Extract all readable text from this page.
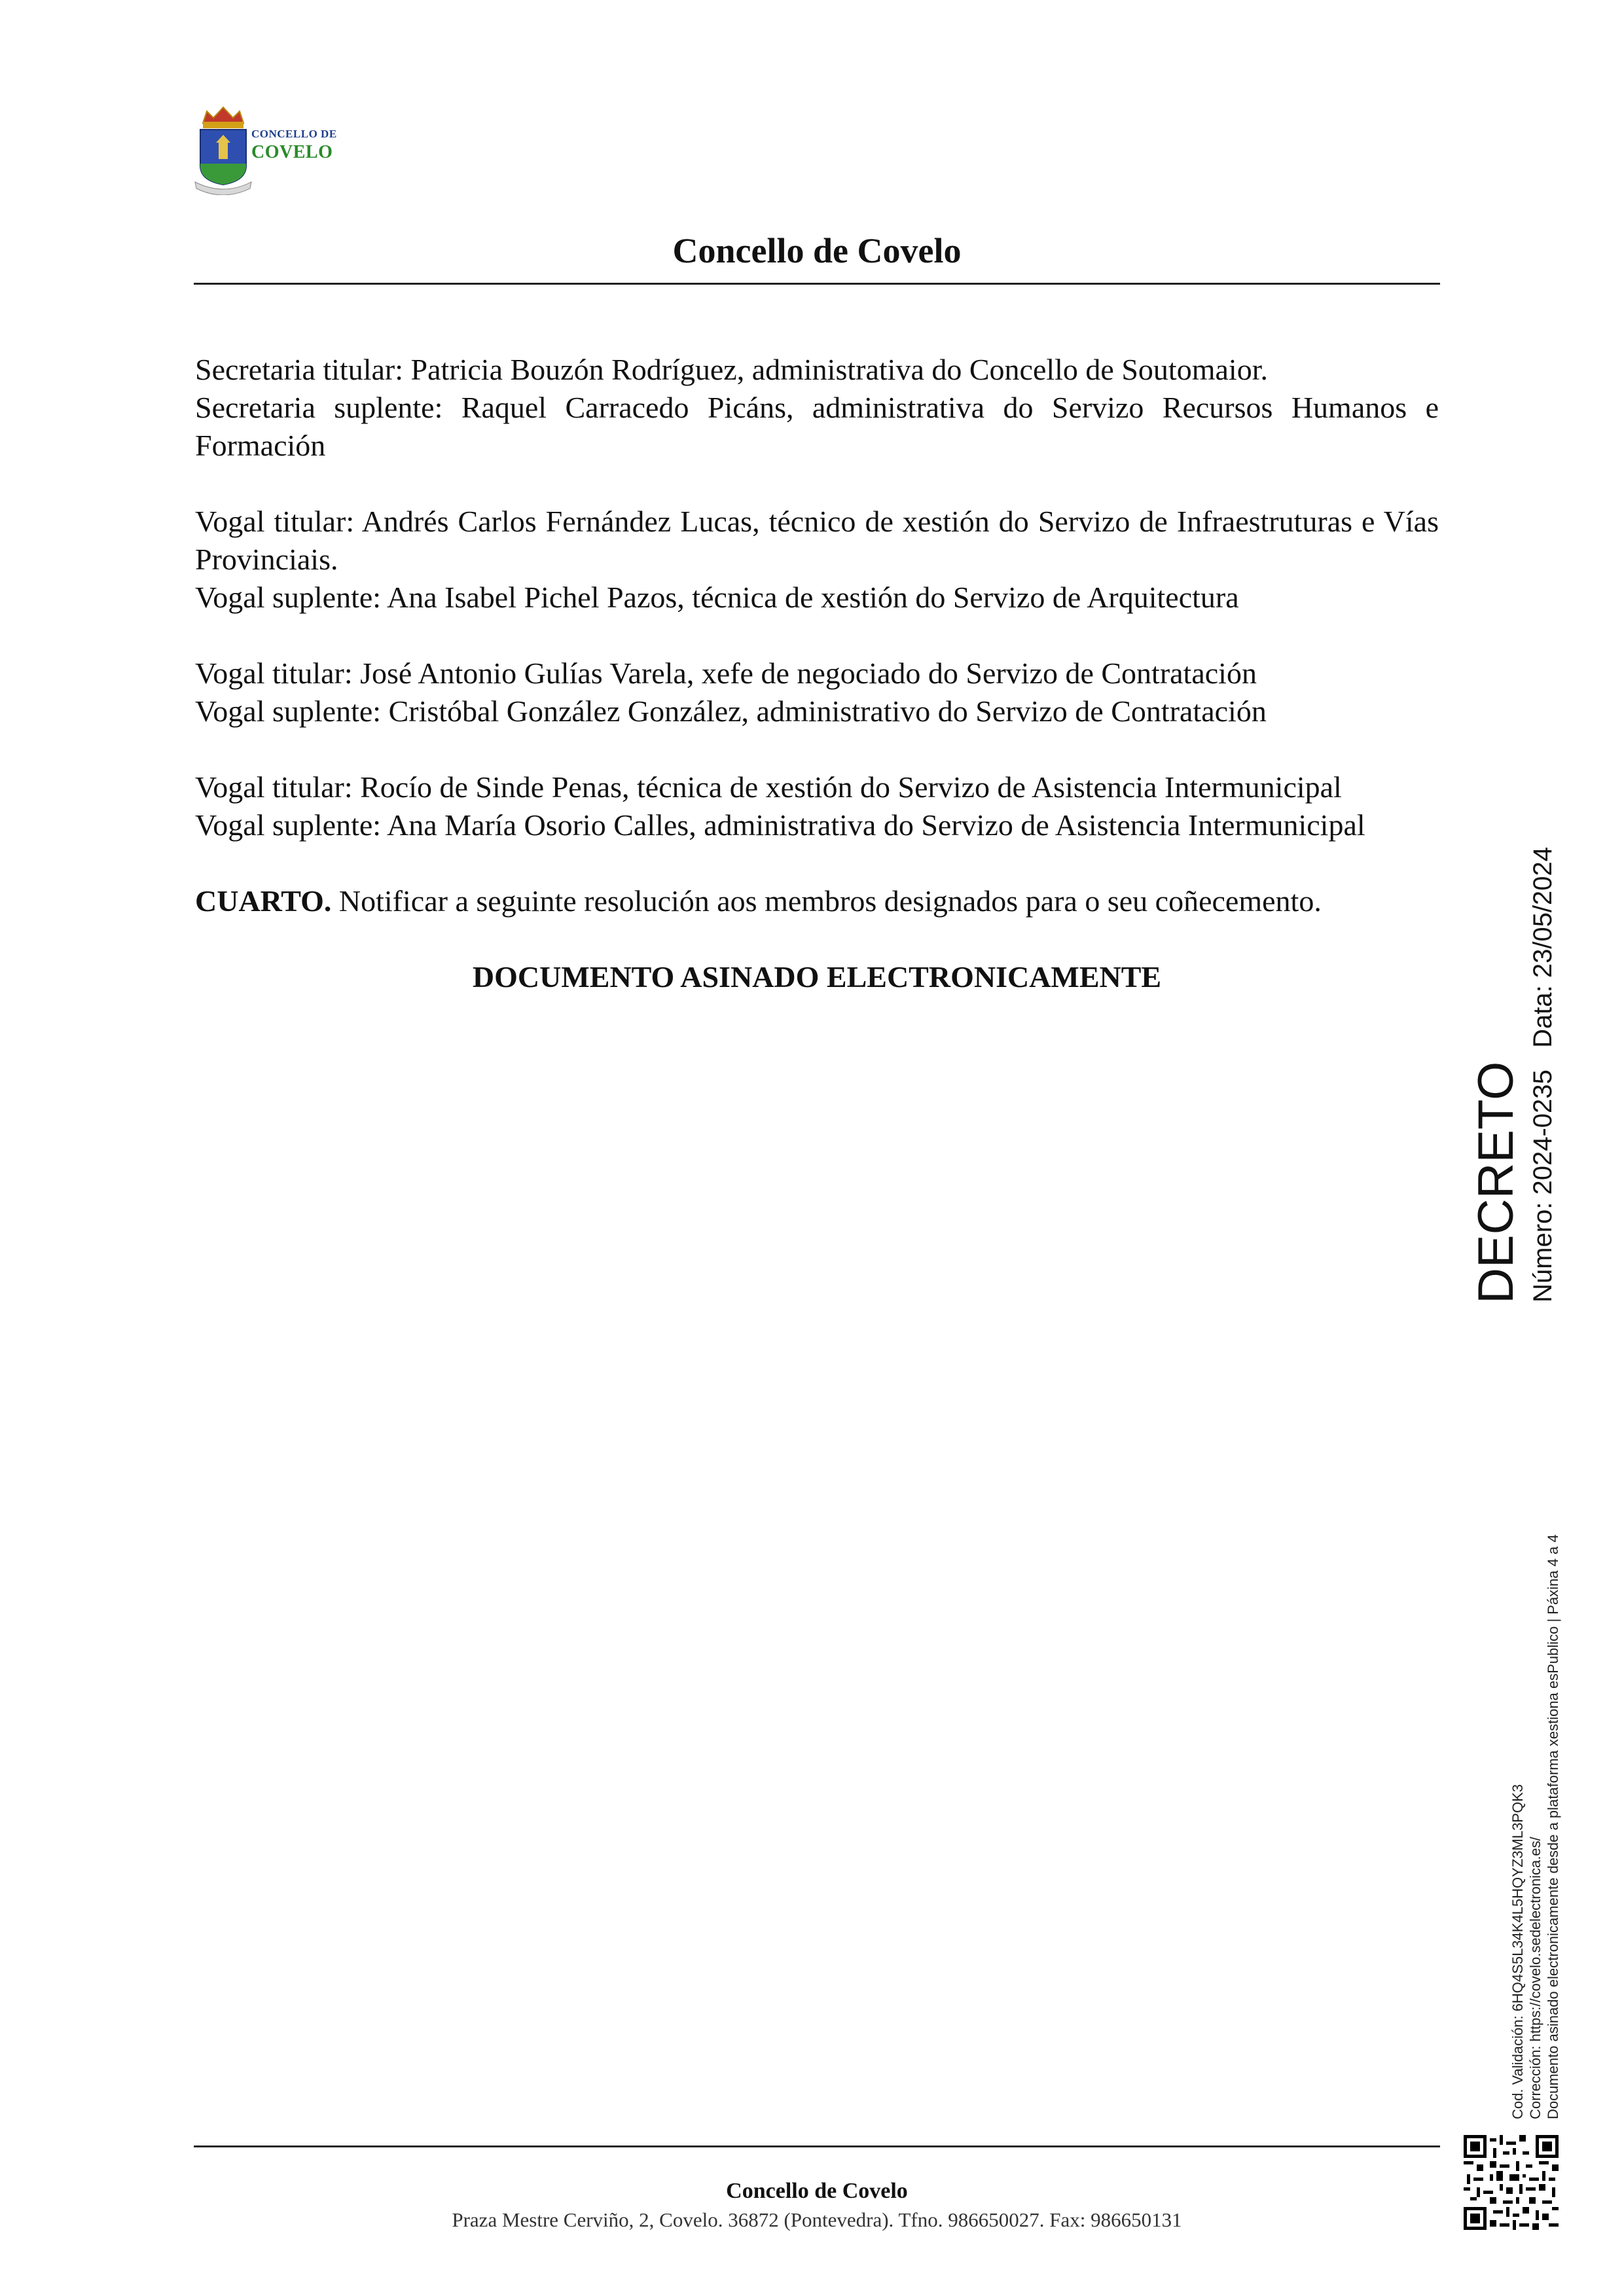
CONCELLO DE
COVELO
Concello de Covelo

Secretaria titular: Patricia Bouzón Rodríguez, administrativa do Concello de Soutomaior.

Secretaria suplente: Raquel Carracedo Picáns, administrativa do Servizo Recursos Humanos e Formación

Vogal titular: Andrés Carlos Fernández Lucas, técnico de xestión do Servizo de Infraestruturas e Vías Provinciais.

Vogal suplente: Ana Isabel Pichel Pazos, técnica de xestión do Servizo de Arquitectura

Vogal titular: José Antonio Gulías Varela, xefe de negociado do Servizo de Contratación

Vogal suplente: Cristóbal González González, administrativo do Servizo de Contratación

Vogal titular: Rocío de Sinde Penas, técnica de xestión do Servizo de Asistencia Intermunicipal

Vogal suplente: Ana María Osorio Calles, administrativa do Servizo de Asistencia Intermunicipal

CUARTO. Notificar a seguinte resolución aos membros designados para o seu coñecemento.

DOCUMENTO ASINADO ELECTRONICAMENTE

DECRETO Número: 2024-0235   Data: 23/05/2024
Cod. Validación: 6HQ4S5L34K4L5HQYZ3ML3PQK3 Corrección: https://covelo.sedelectronica.es/ Documento asinado electronicamente desde a plataforma xestiona esPublico | Páxina 4 a 4
Concello de Covelo
Praza Mestre Cerviño, 2, Covelo. 36872 (Pontevedra). Tfno. 986650027. Fax: 986650131
